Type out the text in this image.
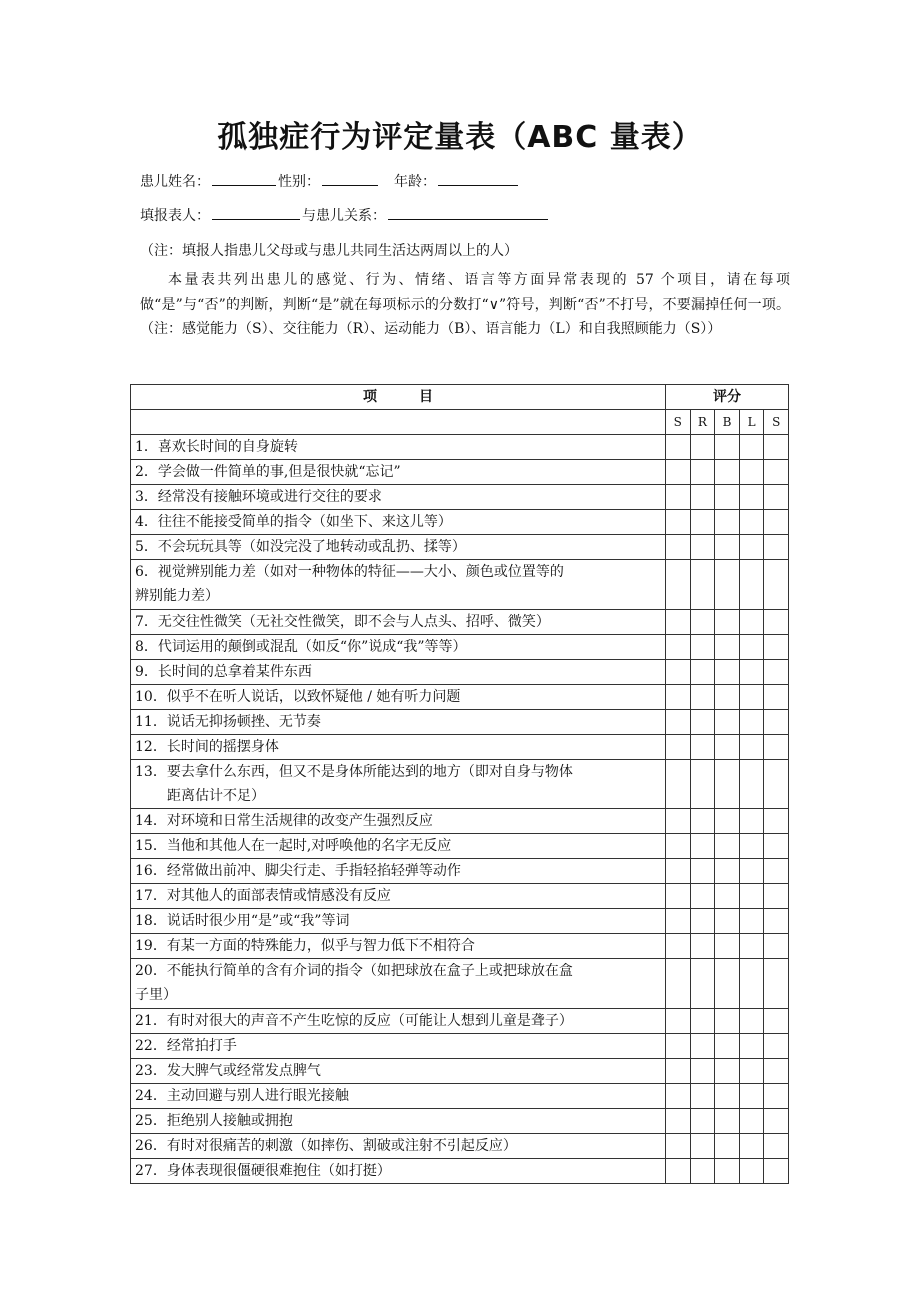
孤独症行为评定量表（ABC 量表）
患儿姓名：	性别：	年龄：
填报表人：	与患儿关系：
（注：填报人指患儿父母或与患儿共同生活达两周以上的人）
本量表共列出患儿的感觉、行为、情绪、语言等方面异常表现的 57 个项目，请在每项做“是”与“否”的判断，判断“是”就在每项标示的分数打“∨”符号，判断“否”不打号，不要漏掉任何一项。（注：感觉能力（S）、交往能力（R）、运动能力（B）、语言能力（L）和自我照顾能力（S））
项　　　目	评分				
	S	R	B	L	S

1．喜欢长时间的自身旋转					

2．学会做一件简单的事,但是很快就“忘记”					

3．经常没有接触环境或进行交往的要求					

4．往往不能接受简单的指令（如坐下、来这儿等）					

5．不会玩玩具等（如没完没了地转动或乱扔、揉等）					

6．视觉辨别能力差（如对一种物体的特征——大小、颜色或位置等的
辨别能力差）					

7．无交往性微笑（无社交性微笑，即不会与人点头、招呼、微笑）					

8．代词运用的颠倒或混乱（如反“你”说成“我”等等）					

9．长时间的总拿着某件东西					

10．似乎不在听人说话，以致怀疑他 / 她有听力问题					

11．说话无抑扬顿挫、无节奏					

12．长时间的摇摆身体					

13．要去拿什么东西，但又不是身体所能达到的地方（即对自身与物体
距离估计不足）					

14．对环境和日常生活规律的改变产生强烈反应					

15．当他和其他人在一起时,对呼唤他的名字无反应					

16．经常做出前冲、脚尖行走、手指轻掐轻弹等动作					

17．对其他人的面部表情或情感没有反应					

18．说话时很少用“是”或“我”等词					

19．有某一方面的特殊能力，似乎与智力低下不相符合					

20．不能执行简单的含有介词的指令（如把球放在盒子上或把球放在盒
子里）					

21．有时对很大的声音不产生吃惊的反应（可能让人想到儿童是聋子）					

22．经常拍打手					

23．发大脾气或经常发点脾气					

24．主动回避与别人进行眼光接触					

25．拒绝别人接触或拥抱					

26．有时对很痛苦的刺激（如摔伤、割破或注射不引起反应）					

27．身体表现很僵硬很难抱住（如打挺）					
